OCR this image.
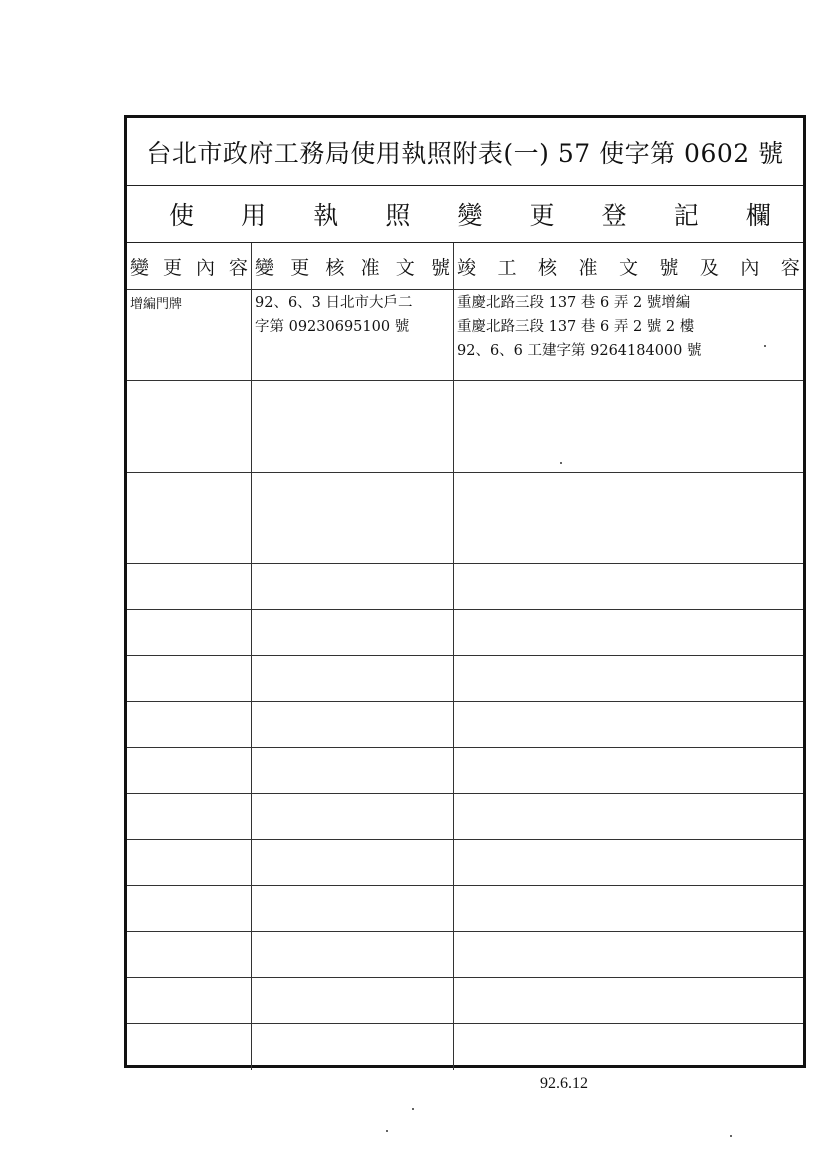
台北市政府工務局使用執照附表(一) 57 使字第 0602 號
使 用 執 照 變 更 登 記 欄
變 更 內 容 變 更 核 准 文 號 竣 工 核 准 文 號 及 內 容
增編門牌	92、6、3 日北市大戶二
字第 09230695100 號
重慶北路三段 137 巷 6 弄 2 號增編
重慶北路三段 137 巷 6 弄 2 號 2 樓
92、6、6 工建字第 9264184000 號
92.6.12
